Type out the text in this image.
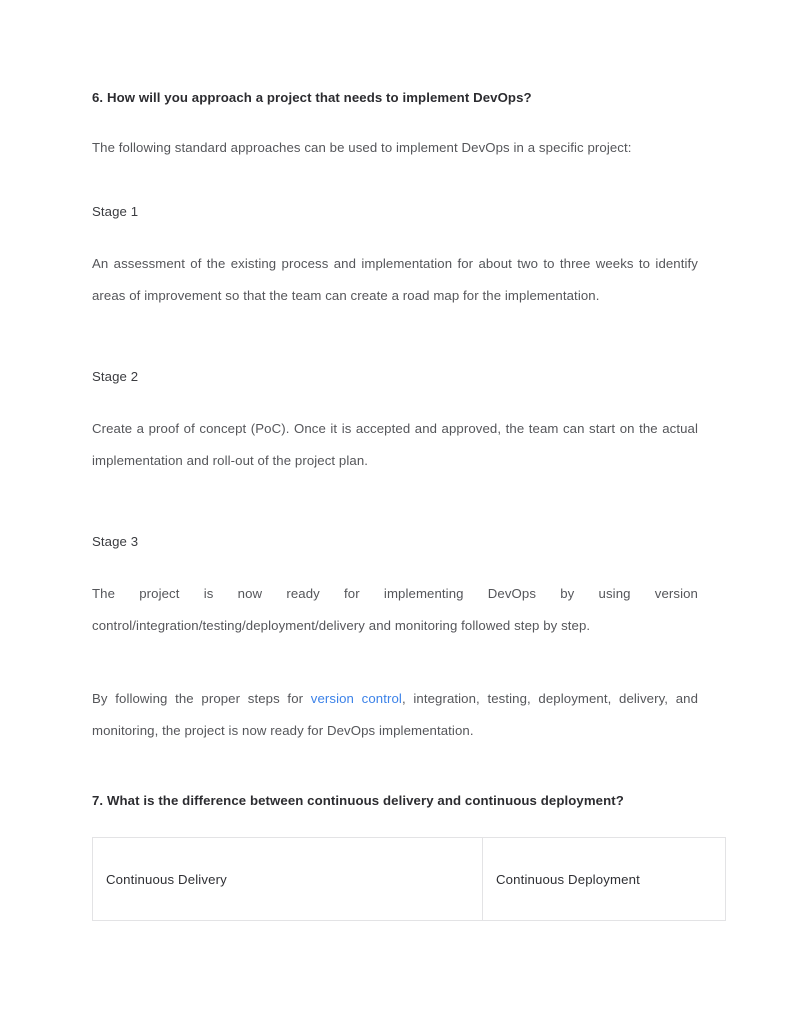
6. How will you approach a project that needs to implement DevOps?

The following standard approaches can be used to implement DevOps in a specific project:

Stage 1

An assessment of the existing process and implementation for about two to three weeks to identify areas of improvement so that the team can create a road map for the implementation.

Stage 2

Create a proof of concept (PoC). Once it is accepted and approved, the team can start on the actual implementation and roll-out of the project plan.

Stage 3

The project is now ready for implementing DevOps by using version control/integration/testing/deployment/delivery and monitoring followed step by step.

By following the proper steps for version control, integration, testing, deployment, delivery, and monitoring, the project is now ready for DevOps implementation.

7. What is the difference between continuous delivery and continuous deployment?

Continuous Delivery	Continuous Deployment
